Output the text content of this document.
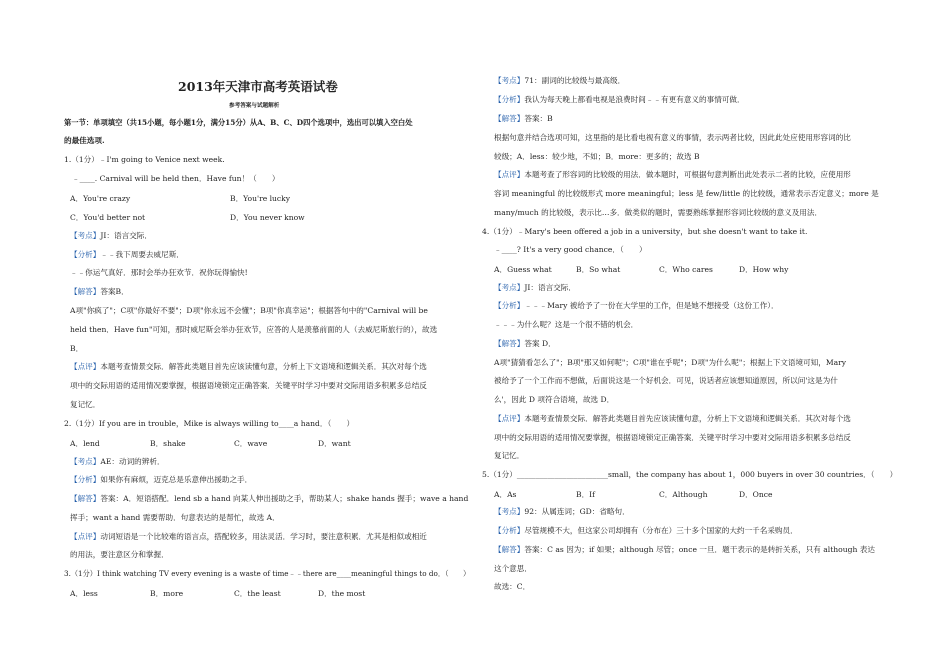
2013年天津市高考英语试卷
参考答案与试题解析
第一节：单项填空（共15小题，每小题1分，满分15分）从A、B、C、D四个选项中，选出可以填入空白处
的最佳选项.
1.（1分）﹣I'm going to Venice next week.
﹣____. Carnival will be held then．Have fun！（　　）
A．You're crazy	B．You're lucky
C．You'd better not	D．You never know
【考点】JI：语言交际．
【分析】﹣﹣我下周要去威尼斯．
﹣﹣你运气真好．那时会举办狂欢节．祝你玩得愉快!
【解答】答案B．
A项"你疯了"；C项"你最好不要"；D项"你永远不会懂"；B项"你真幸运"；根据答句中的"Carnival will be
held then．Have fun"可知，那时威尼斯会举办狂欢节，应答的人是羡慕前面的人（去威尼斯旅行的），故选
B．
【点评】本题考查情景交际．解答此类题目首先应该读懂句意，分析上下文语境和逻辑关系．其次对每个选
项中的交际用语的适用情况要掌握，根据语境锁定正确答案．关键平时学习中要对交际用语多积累多总结反
复记忆．
2.（1分）If you are in trouble，Mike is always willing to____a hand．（　　）
A．lend	B．shake	C．wave	D．want
【考点】AE：动词的辨析．
【分析】如果你有麻烦，迈克总是乐意伸出援助之手．
【解答】答案：A．短语搭配．lend sb a hand 向某人伸出援助之手，帮助某人；shake hands 握手；wave a hand
挥手；want a hand 需要帮助．句意表达的是帮忙，故选 A．
【点评】动词短语是一个比较难的语言点，搭配较多，用法灵活．学习时，要注意积累．尤其是相似或相近
的用法，要注意区分和掌握．
3.（1分）I think watching TV every evening is a waste of time﹣﹣there are____meaningful things to do．（　　）
A．less	B．more	C．the least	D．the most
【考点】71：副词的比较级与最高级．
【分析】我认为每天晚上都看电视是浪费时间﹣﹣有更有意义的事情可做．
【解答】答案：B
根据句意并结合选项可知，这里指的是比看电视有意义的事情，表示两者比较，因此此处应使用形容词的比
较级；A．less：较少地，不如；B．more：更多的；故选 B
【点评】本题考查了形容词的比较级的用法．做本题时，可根据句意判断出此处表示二者的比较，应使用形
容词 meaningful 的比较级形式 more meaningful；less 是 few/little 的比较级，通常表示否定意义；more 是
many/much 的比较级，表示比…多．做类似的题时，需要熟练掌握形容词比较级的意义及用法．
4.（1分）﹣Mary's been offered a job in a university，but she doesn't want to take it.
﹣____? It's a very good chance．（　　）
A．Guess what	B．So what	C．Who cares	D．How why
【考点】JI：语言交际．
【分析】﹣﹣﹣Mary 被给予了一份在大学里的工作，但是她不想接受（这份工作）．
﹣﹣﹣为什么呢？这是一个很不错的机会．
【解答】答案 D．
A项"猜猜看怎么了"；B项"那又如何呢"；C项"谁在乎呢"；D项"为什么呢"；根据上下文语境可知，Mary
被给予了一个工作而不想做，后面说这是一个好机会．可见，说话者应该想知道原因，所以问'这是为什
么'，因此 D 项符合语境，故选 D．
【点评】本题考查情景交际．解答此类题目首先应该读懂句意，分析上下文语境和逻辑关系．其次对每个选
项中的交际用语的适用情况要掌握，根据语境锁定正确答案．关键平时学习中要对交际用语多积累多总结反
复记忆．
5.（1分）________________________small，the company has about 1，000 buyers in over 30 countries．（　　）
A．As	B．If	C．Although	D．Once
【考点】92：从属连词；GD：省略句．
【分析】尽管规模不大，但这家公司却拥有（分布在）三十多个国家的大约一千名采购员．
【解答】答案：C as 因为；if 如果；although 尽管；once 一旦．题干表示的是转折关系，只有 although 表达
这个意思．
故选：C．
